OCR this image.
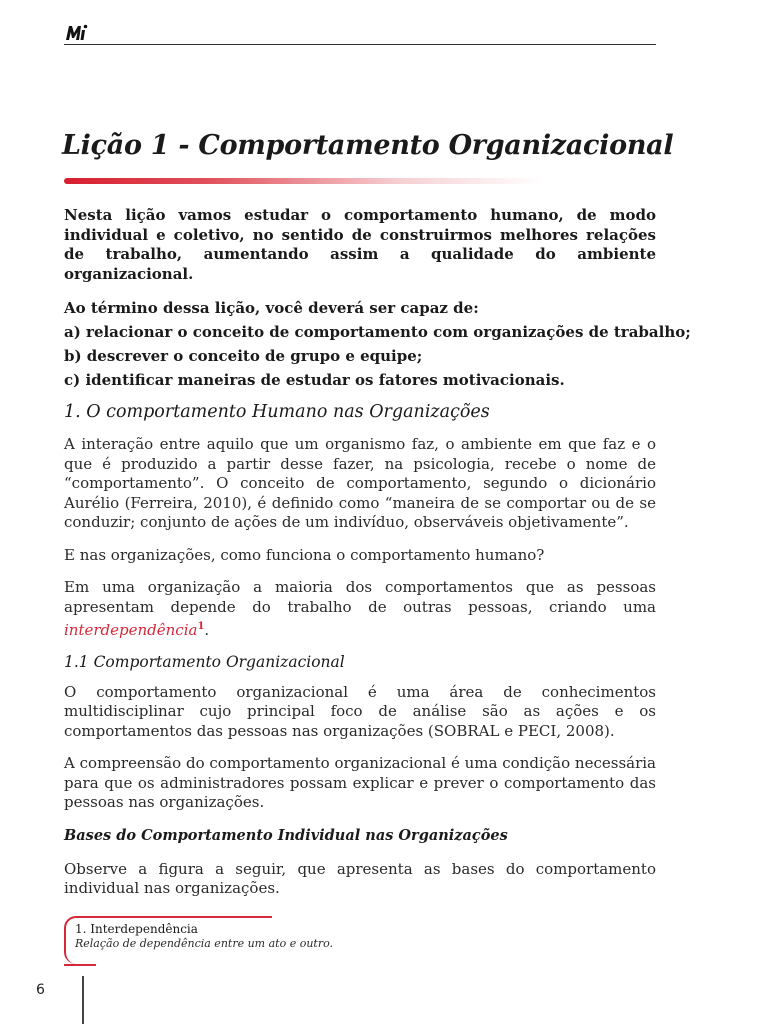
Lição 1 - Comportamento Organizacional

Nesta lição vamos estudar o comportamento humano, de modo individual e coletivo, no sentido de construirmos melhores relações de trabalho, aumentando assim a qualidade do ambiente organizacional.

Ao término dessa lição, você deverá ser capaz de:
a) relacionar o conceito de comportamento com organizações de trabalho;
b) descrever o conceito de grupo e equipe;
c) identificar maneiras de estudar os fatores motivacionais.

1. O comportamento Humano nas Organizações

A interação entre aquilo que um organismo faz, o ambiente em que faz e o que é produzido a partir desse fazer, na psicologia, recebe o nome de “comportamento”. O conceito de comportamento, segundo o dicionário Aurélio (Ferreira, 2010), é definido como “maneira de se comportar ou de se conduzir; conjunto de ações de um indivíduo, observáveis objetivamente”.

E nas organizações, como funciona o comportamento humano?

Em uma organização a maioria dos comportamentos que as pessoas apresentam depende do trabalho de outras pessoas, criando uma interdependência$^1$.

1.1 Comportamento Organizacional

O comportamento organizacional é uma área de conhecimentos multidisciplinar cujo principal foco de análise são as ações e os comportamentos das pessoas nas organizações (SOBRAL e PECI, 2008).

A compreensão do comportamento organizacional é uma condição necessária para que os administradores possam explicar e prever o comportamento das pessoas nas organizações.

Bases do Comportamento Individual nas Organizações

Observe a figura a seguir, que apresenta as bases do comportamento individual nas organizações.

1. Interdependência
Relação de dependência entre um ato e outro.
6
